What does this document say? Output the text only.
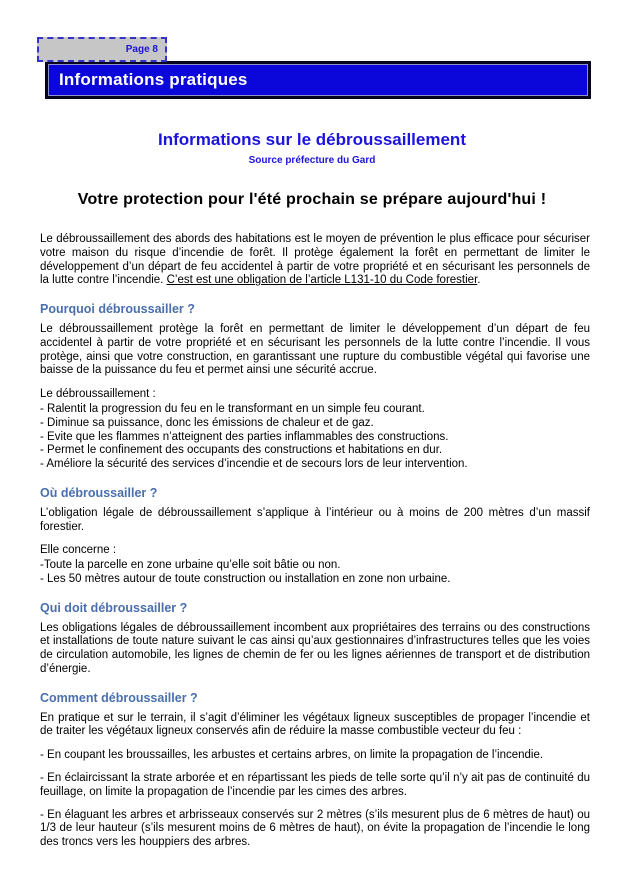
Page 8
Informations pratiques
Informations sur le débroussaillement
Source préfecture du Gard
Votre protection pour l'été prochain se prépare aujourd'hui !

Le débroussaillement des abords des habitations est le moyen de prévention le plus efficace pour sécuriser votre maison du risque d’incendie de forêt. Il protège également la forêt en permettant de limiter le développement d’un départ de feu accidentel à partir de votre propriété et en sécurisant les personnels de la lutte contre l’incendie. C’est est une obligation de l’article L131-10 du Code forestier.

Pourquoi débroussailler ?

Le débroussaillement protège la forêt en permettant de limiter le développement d’un départ de feu accidentel à partir de votre propriété et en sécurisant les personnels de la lutte contre l’incendie. Il vous protège, ainsi que votre construction, en garantissant une rupture du combustible végétal qui favorise une baisse de la puissance du feu et permet ainsi une sécurité accrue.

Le débroussaillement :

- Ralentit la progression du feu en le transformant en un simple feu courant.

- Diminue sa puissance, donc les émissions de chaleur et de gaz.

- Evite que les flammes n’atteignent des parties inflammables des constructions.

- Permet le confinement des occupants des constructions et habitations en dur.

- Améliore la sécurité des services d’incendie et de secours lors de leur intervention.

Où débroussailler ?

L’obligation légale de débroussaillement s’applique à l’intérieur ou à moins de 200 mètres d’un massif forestier.

Elle concerne :

-Toute la parcelle en zone urbaine qu’elle soit bâtie ou non.

- Les 50 mètres autour de toute construction ou installation en zone non urbaine.

Qui doit débroussailler ?

Les obligations légales de débroussaillement incombent aux propriétaires des terrains ou des constructions et installations de toute nature suivant le cas ainsi qu’aux gestionnaires d’infrastructures telles que les voies de circulation automobile, les lignes de chemin de fer ou les lignes aériennes de transport et de distribution d’énergie.

Comment débroussailler ?

En pratique et sur le terrain, il s’agit d’éliminer les végétaux ligneux susceptibles de propager l’incendie et de traiter les végétaux ligneux conservés afin de réduire la masse combustible vecteur du feu :

- En coupant les broussailles, les arbustes et certains arbres, on limite la propagation de l’incendie.

- En éclaircissant la strate arborée et en répartissant les pieds de telle sorte qu’il n’y ait pas de continuité du feuillage, on limite la propagation de l’incendie par les cimes des arbres.

- En élaguant les arbres et arbrisseaux conservés sur 2 mètres (s’ils mesurent plus de 6 mètres de haut) ou 1/3 de leur hauteur (s’ils mesurent moins de 6 mètres de haut), on évite la propagation de l’incendie le long des troncs vers les houppiers des arbres.
